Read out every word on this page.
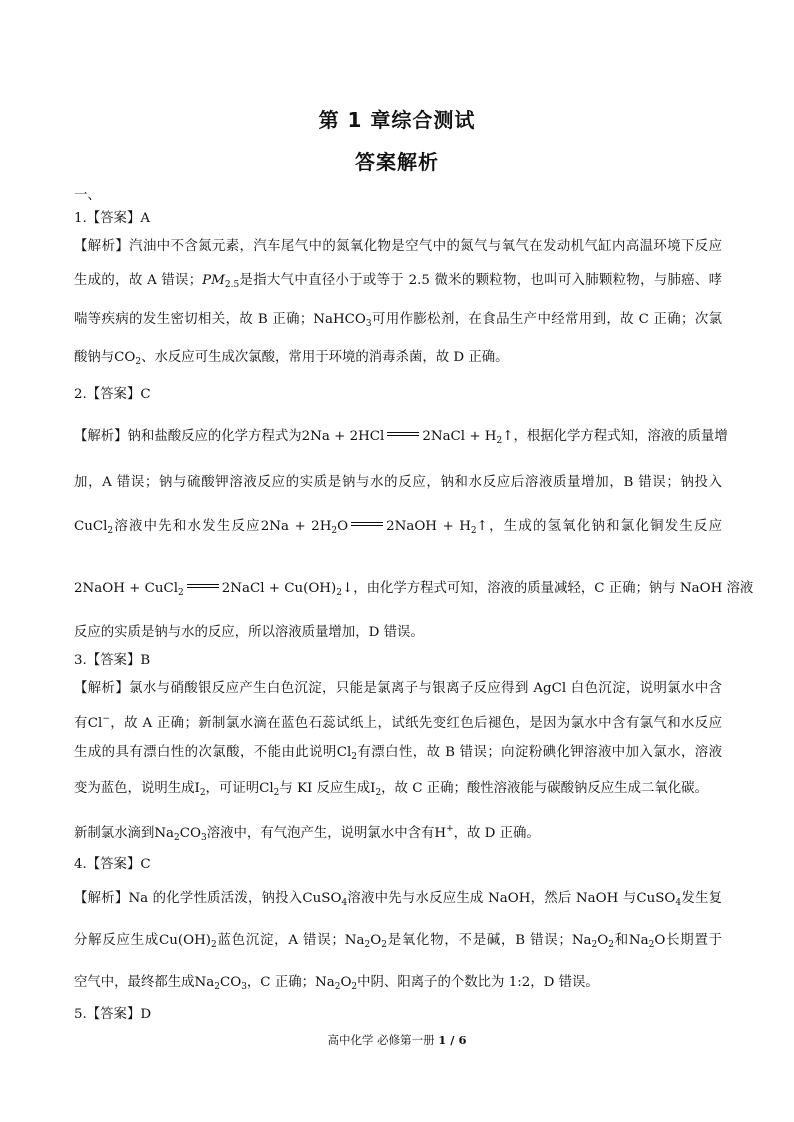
第 1 章综合测试
答案解析
一、
1.【答案】A
【解析】汽油中不含氮元素，汽车尾气中的氮氧化物是空气中的氮气与氧气在发动机气缸内高温环境下反应
生成的，故 A 错误；$PM_{2.5}$是指大气中直径小于或等于 2.5 微米的颗粒物，也叫可入肺颗粒物，与肺癌、哮
喘等疾病的发生密切相关，故 B 正确；NaHCO$_3$可用作膨松剂，在食品生产中经常用到，故 C 正确；次氯
酸钠与$CO_2$、水反应可生成次氯酸，常用于环境的消毒杀菌，故 D 正确。
2.【答案】C
【解析】钠和盐酸反应的化学方程式为2Na + 2HCl	2NaCl + $H_2↑$，根据化学方程式知，溶液的质量增
加，A 错误；钠与硫酸钾溶液反应的实质是钠与水的反应，钠和水反应后溶液质量增加，B 错误；钠投入
CuCl$_2$溶液中先和水发生反应$2Na + 2H_2O$	2NaOH + $H_2↑$，生成的氢氧化钠和氯化铜发生反应
2NaOH + CuCl$_2$	2NaCl + $Cu(OH)_2↓$，由化学方程式可知，溶液的质量减轻，C 正确；钠与 NaOH 溶液
反应的实质是钠与水的反应，所以溶液质量增加，D 错误。
3.【答案】B
【解析】氯水与硝酸银反应产生白色沉淀，只能是氯离子与银离子反应得到 AgCl 白色沉淀，说明氯水中含
有Cl−，故 A 正确；新制氯水滴在蓝色石蕊试纸上，试纸先变红色后褪色，是因为氯水中含有氯气和水反应
生成的具有漂白性的次氯酸，不能由此说明$Cl_2$有漂白性，故 B 错误；向淀粉碘化钾溶液中加入氯水，溶液
变为蓝色，说明生成$I_2$，可证明$Cl_2$与 KI 反应生成$I_2$，故 C 正确；酸性溶液能与碳酸钠反应生成二氧化碳。
新制氯水滴到$Na_2CO_3$溶液中，有气泡产生，说明氯水中含有H+，故 D 正确。
4.【答案】C
【解析】Na 的化学性质活泼，钠投入CuSO$_4$溶液中先与水反应生成 NaOH，然后 NaOH 与CuSO$_4$发生复
分解反应生成$Cu(OH)_2$蓝色沉淀，A 错误；$Na_2O_2$是氧化物，不是碱，B 错误；$Na_2O_2$和$Na_2O$长期置于
空气中，最终都生成$Na_2CO_3$，C 正确；$Na_2O_2$中阴、阳离子的个数比为 1:2，D 错误。
5.【答案】D
高中化学 必修第一册 1 / 6
